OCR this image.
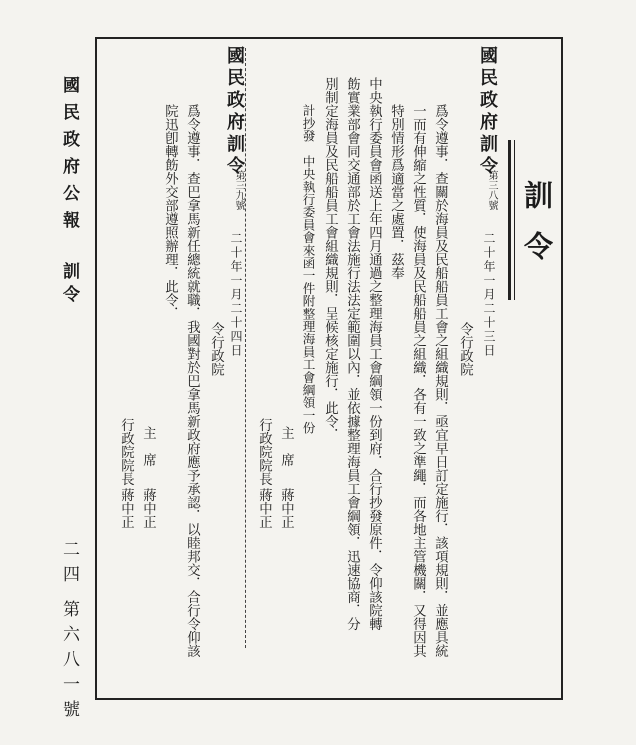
國民政府公報
訓令
二四
第六八一號
訓令
國民政府訓令
第三八號
二十年一月二十三日
令行政院
爲令遵事．查關於海員及民船船員工會之組織規則．亟宜早日訂定施行．該項規則．並應具統
一而有伸縮之性質．使海員及民船船員之組織．各有一致之準繩．而各地主管機關．又得因其
特別情形爲適當之處置．茲奉
中央執行委員會函送上年四月通過之整理海員工會綱領一份到府．合行抄發原件．令仰該院轉
飭實業部會同交通部於工會法施行法法定範圍以內．並依據整理海員工會綱領．迅速協商．分
別制定海員及民船船員工會組織規則．呈候核定施行．此令．
計抄發　中央執行委員會來函一件附整理海員工會綱領一份
主　席
蔣中正
行政院院長
蔣中正
國民政府訓令
第三九號
二十年一月二十四日
令行政院
爲令遵事．查巴拿馬新任總統就職．我國對於巴拿馬新政府應予承認．以睦邦交．合行令仰該
院迅卽轉飭外交部遵照辦理．此令．
主　席
蔣中正
行政院院長
蔣中正
